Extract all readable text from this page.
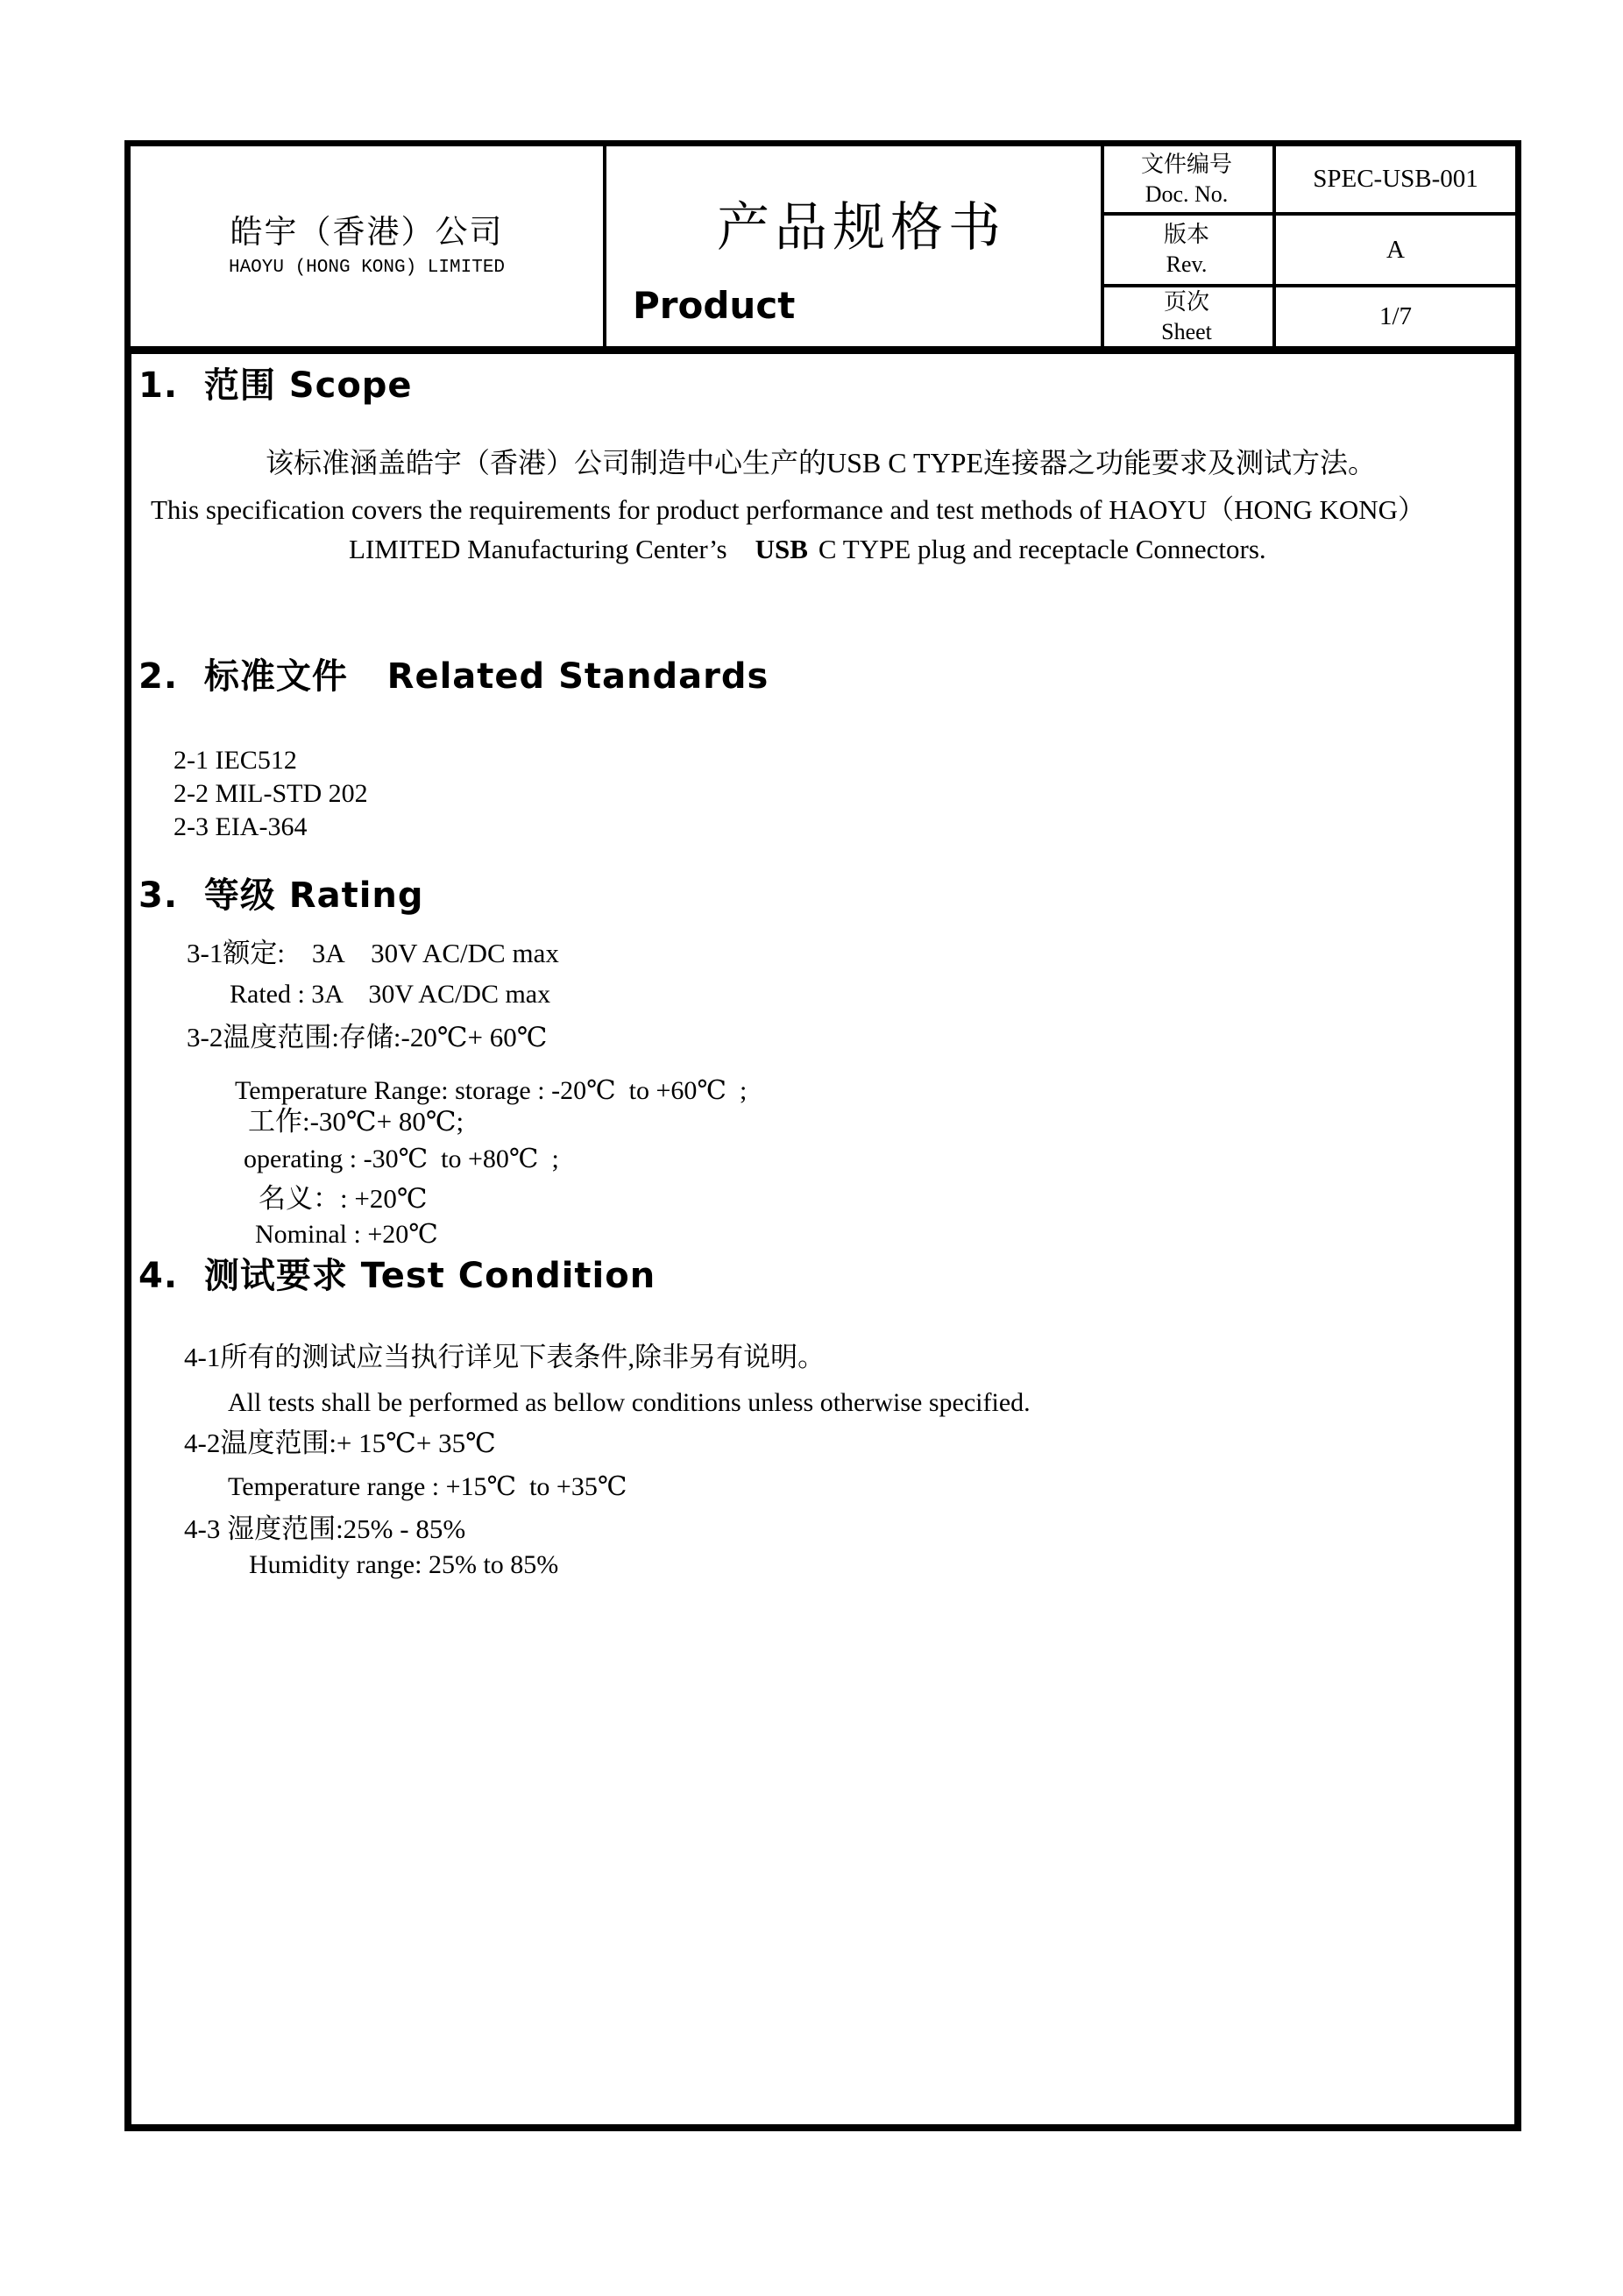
皓宇（香港）公司
HAOYU (HONG KONG) LIMITED
产品规格书
Product
文件编号
Doc. No.
SPEC-USB-001
版本
Rev.
A
页次
Sheet
1/7
1.  范围 Scope
该标准涵盖皓宇（香港）公司制造中心生产的USB C TYPE连接器之功能要求及测试方法。
This specification covers the requirements for product performance and test methods of HAOYU（HONG KONG）
LIMITED Manufacturing Center’s USB C TYPE plug and receptacle Connectors.
2.  标准文件   Related Standards
2-1 IEC512
2-2 MIL-STD 202
2-3 EIA-364
3.  等级 Rating
3-1额定:　3A　30V AC/DC max
Rated : 3A　30V AC/DC max
3-2温度范围:存储:-20℃+ 60℃
Temperature Range: storage : -20℃  to +60℃  ;
工作:-30℃+ 80℃;
operating : -30℃  to +80℃  ;
名义：: +20℃
Nominal : +20℃
4.  测试要求 Test Condition
4-1所有的测试应当执行详见下表条件,除非另有说明。
All tests shall be performed as bellow conditions unless otherwise specified.
4-2温度范围:+ 15℃+ 35℃
Temperature range : +15℃  to +35℃
4-3 湿度范围:25% - 85%
Humidity range: 25% to 85%
